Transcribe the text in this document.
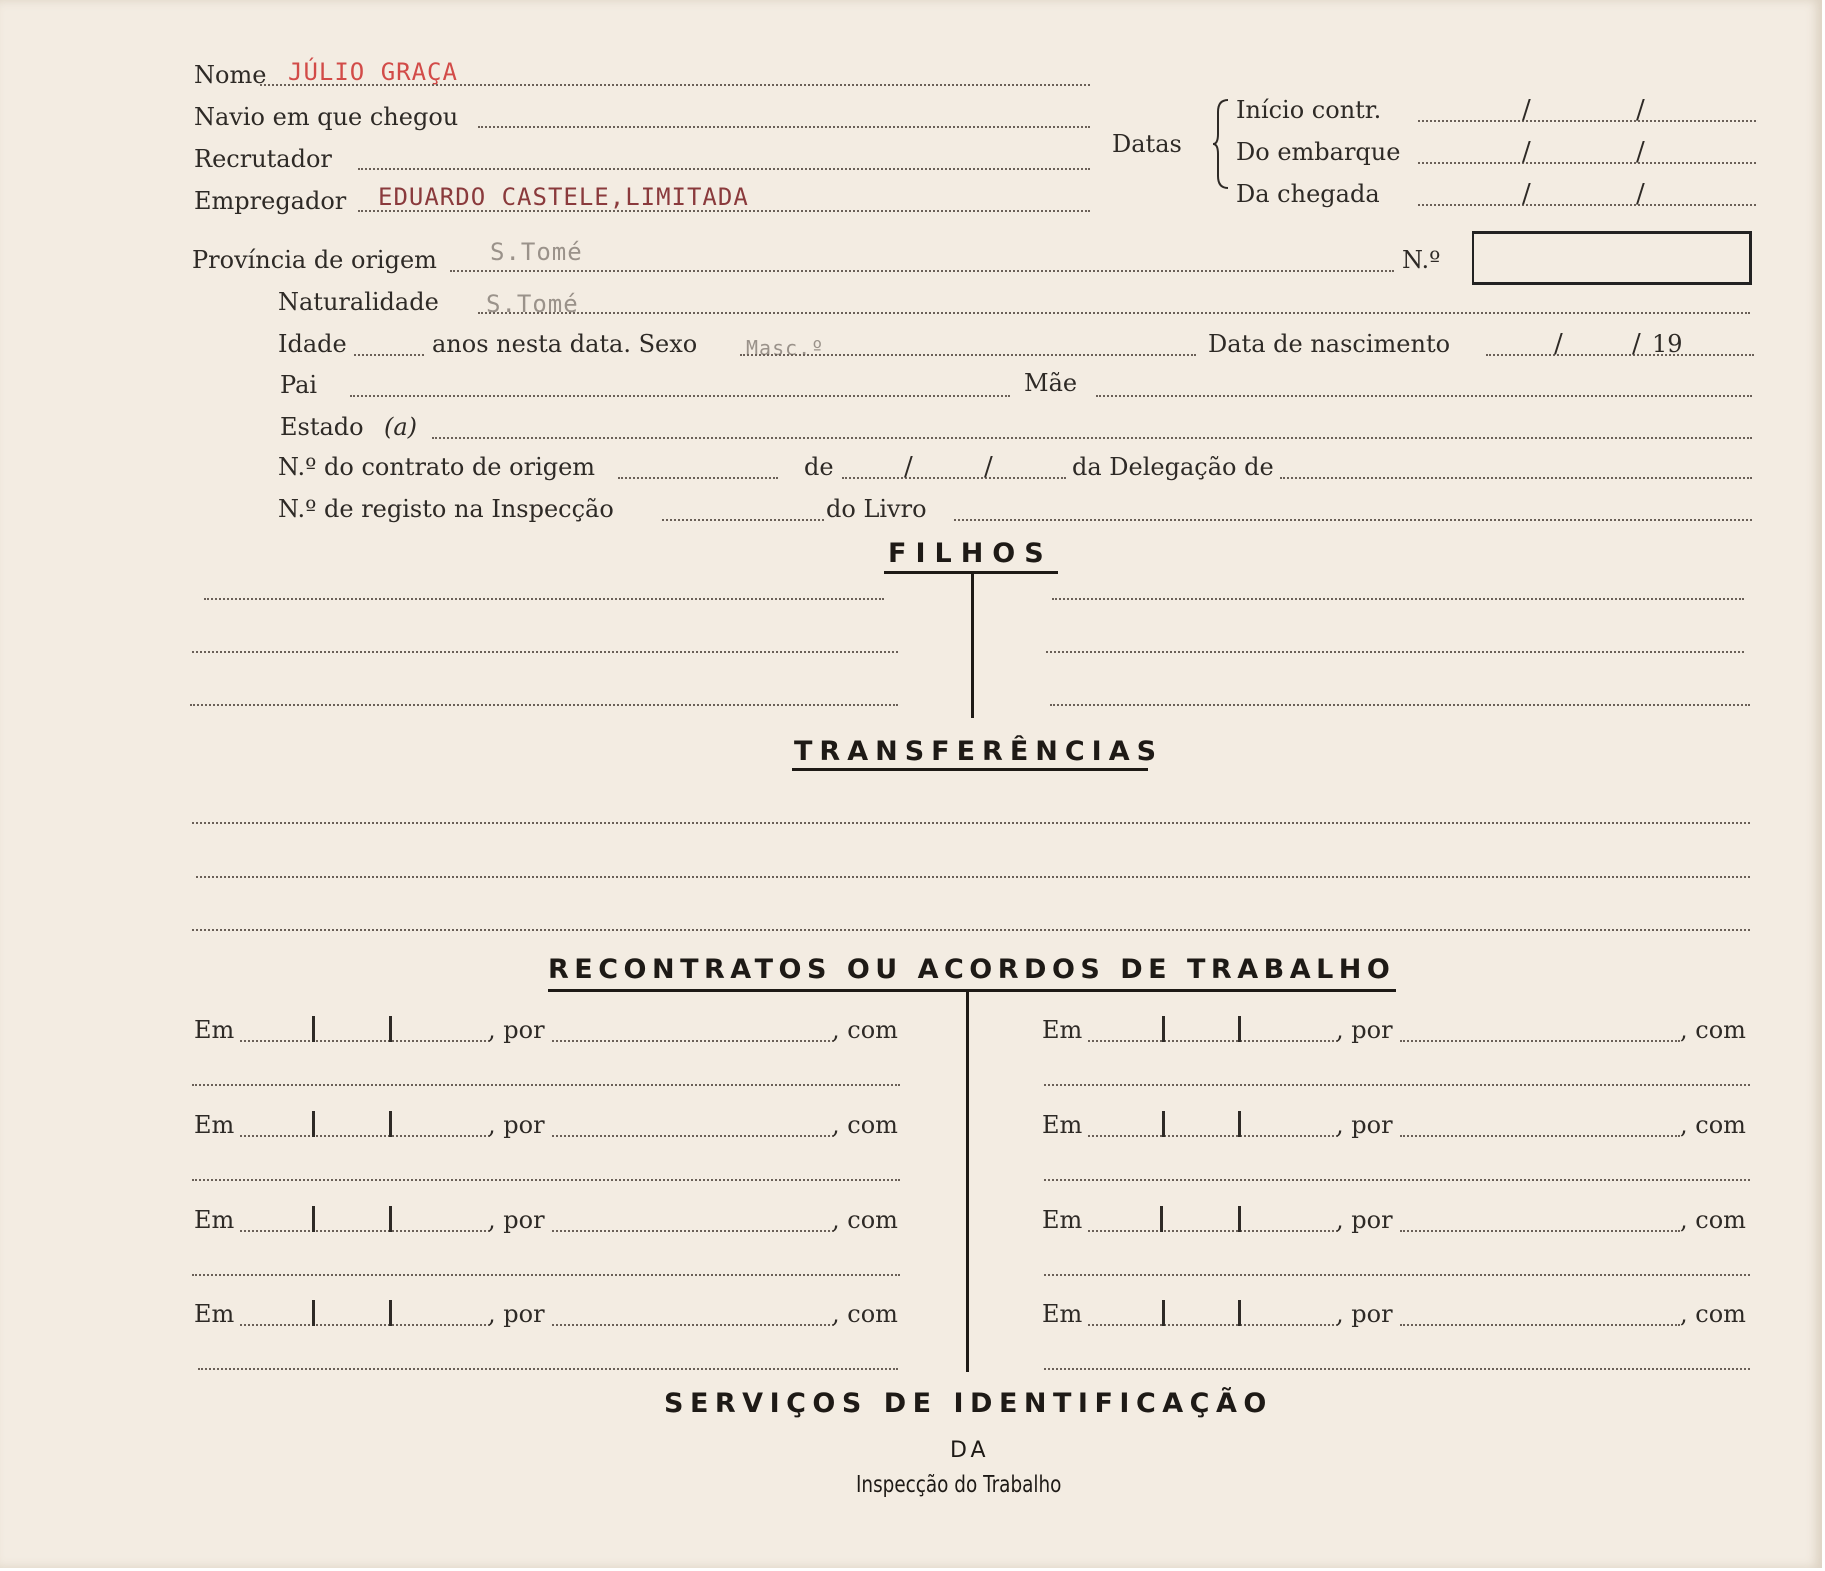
Nome JÚLIO GRAÇA
Navio em que chegou
Recrutador
Empregador EDUARDO CASTELE,LIMITADA
Datas
Início contr.	/	/
Do embarque	/	/
Da chegada	/	/
Província de origem S.Tomé	N.º
Naturalidade S.Tomé
Idade	anos nesta data. Sexo Masc.º	Data de nascimento	/	/ 19
Pai	Mãe
Estado (a)
N.º do contrato de origem	de	/	/	da Delegação de
N.º de registo na Inspecção	do Livro
FILHOS
TRANSFERÊNCIAS
RECONTRATOS OU ACORDOS DE TRABALHO
Em	, por	, com
Em	, por	, com
Em	, por	, com
Em	, por	, com
Em	, por	, com
Em	, por	, com
Em	, por	, com
Em	, por	, com
SERVIÇOS DE IDENTIFICAÇÃO
DA
Inspecção do Trabalho
